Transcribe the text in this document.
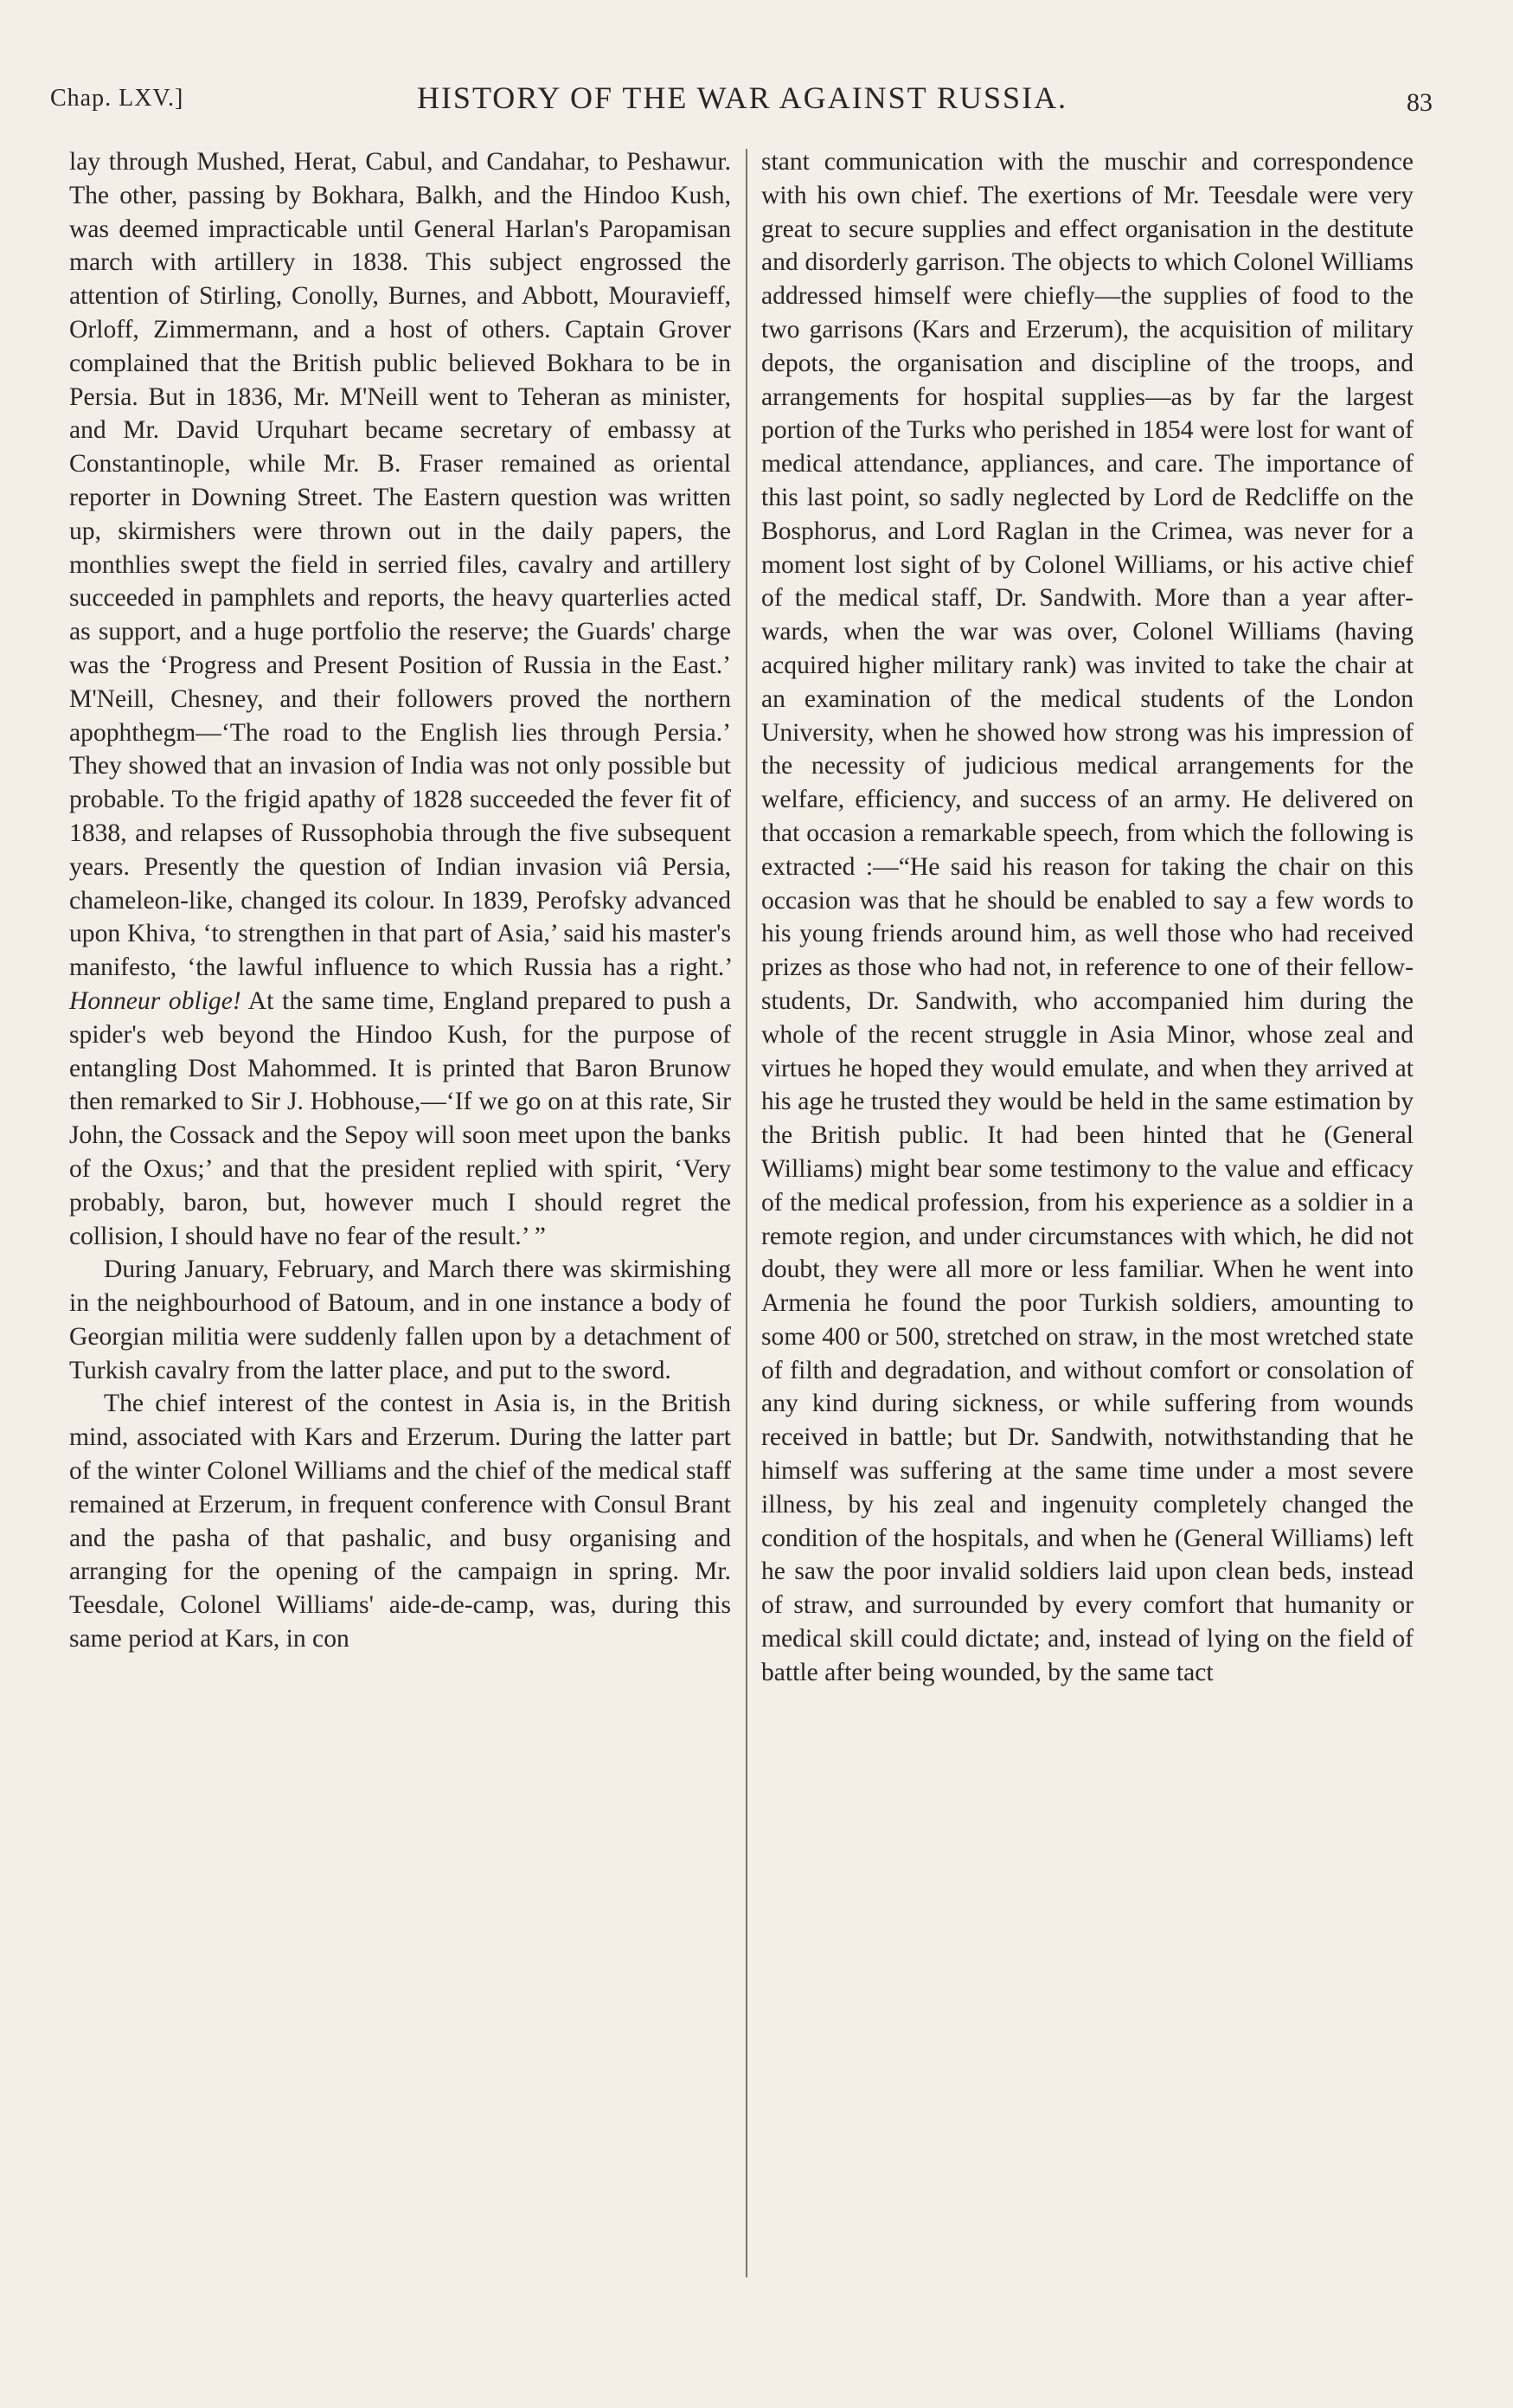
Chap. LXV.]	HISTORY OF THE WAR AGAINST RUSSIA.	83

lay through Mushed, Herat, Cabul, and Candahar, to Peshawur. The other, passing by Bokhara, Balkh, and the Hindoo Kush, was deemed impracticable until General Harlan's Paropamisan march with artillery in 1838. This subject engrossed the attention of Stirling, Conolly, Burnes, and Abbott, Mouravieff, Orloff, Zimmermann, and a host of others. Captain Grover complained that the British public believed Bokhara to be in Persia. But in 1836, Mr. M'Neill went to Teheran as minister, and Mr. David Urquhart became secretary of embassy at Constantinople, while Mr. B. Fraser remained as oriental reporter in Downing Street. The Eastern question was written up, skirmishers were thrown out in the daily papers, the monthlies swept the field in serried files, cavalry and artillery succeeded in pamphlets and reports, the heavy quarterlies acted as support, and a huge portfolio the reserve; the Guards' charge was the ‘Progress and Present Position of Russia in the East.’ M'Neill, Chesney, and their followers proved the northern apophthegm—‘The road to the English lies through Persia.’ They showed that an invasion of India was not only possible but probable. To the frigid apathy of 1828 succeeded the fever fit of 1838, and relapses of Russophobia through the five subsequent years. Presently the question of Indian invasion viâ Persia, chameleon-like, changed its colour. In 1839, Perofsky advanced upon Khiva, ‘to strengthen in that part of Asia,’ said his master's manifesto, ‘the lawful influence to which Russia has a right.’ Honneur oblige! At the same time, England prepared to push a spider's web beyond the Hindoo Kush, for the purpose of entangling Dost Mahommed. It is printed that Baron Brunow then remarked to Sir J. Hobhouse,—‘If we go on at this rate, Sir John, the Cossack and the Sepoy will soon meet upon the banks of the Oxus;’ and that the president replied with spirit, ‘Very probably, baron, but, however much I should regret the collision, I should have no fear of the result.’ ”

During January, February, and March there was skirmishing in the neighbourhood of Batoum, and in one instance a body of Georgian militia were suddenly fallen upon by a detachment of Turkish cavalry from the latter place, and put to the sword.

The chief interest of the contest in Asia is, in the British mind, associated with Kars and Erzerum. During the latter part of the winter Colonel Williams and the chief of the medical staff remained at Erzerum, in frequent conference with Consul Brant and the pasha of that pashalic, and busy organising and arranging for the opening of the campaign in spring. Mr. Teesdale, Colonel Williams' aide-de-camp, was, during this same period at Kars, in con

stant communication with the muschir and correspondence with his own chief. The exertions of Mr. Teesdale were very great to secure supplies and effect organisation in the destitute and disorderly garrison. The objects to which Colonel Williams addressed himself were chiefly—the supplies of food to the two garrisons (Kars and Erzerum), the acquisition of military depots, the organisation and discipline of the troops, and arrangements for hospital supplies—as by far the largest portion of the Turks who perished in 1854 were lost for want of medical attendance, appliances, and care. The importance of this last point, so sadly neglected by Lord de Redcliffe on the Bosphorus, and Lord Raglan in the Crimea, was never for a moment lost sight of by Colonel Williams, or his active chief of the medical staff, Dr. Sandwith. More than a year afterwards, when the war was over, Colonel Williams (having acquired higher military rank) was invited to take the chair at an examination of the medical students of the London University, when he showed how strong was his impression of the necessity of judicious medical arrangements for the welfare, efficiency, and success of an army. He delivered on that occasion a remarkable speech, from which the following is extracted :—“He said his reason for taking the chair on this occasion was that he should be enabled to say a few words to his young friends around him, as well those who had received prizes as those who had not, in reference to one of their fellow-students, Dr. Sandwith, who accompanied him during the whole of the recent struggle in Asia Minor, whose zeal and virtues he hoped they would emulate, and when they arrived at his age he trusted they would be held in the same estimation by the British public. It had been hinted that he (General Williams) might bear some testimony to the value and efficacy of the medical profession, from his experience as a soldier in a remote region, and under circumstances with which, he did not doubt, they were all more or less familiar. When he went into Armenia he found the poor Turkish soldiers, amounting to some 400 or 500, stretched on straw, in the most wretched state of filth and degradation, and without comfort or consolation of any kind during sickness, or while suffering from wounds received in battle; but Dr. Sandwith, notwithstanding that he himself was suffering at the same time under a most severe illness, by his zeal and ingenuity completely changed the condition of the hospitals, and when he (General Williams) left he saw the poor invalid soldiers laid upon clean beds, instead of straw, and surrounded by every comfort that humanity or medical skill could dictate; and, instead of lying on the field of battle after being wounded, by the same tact
